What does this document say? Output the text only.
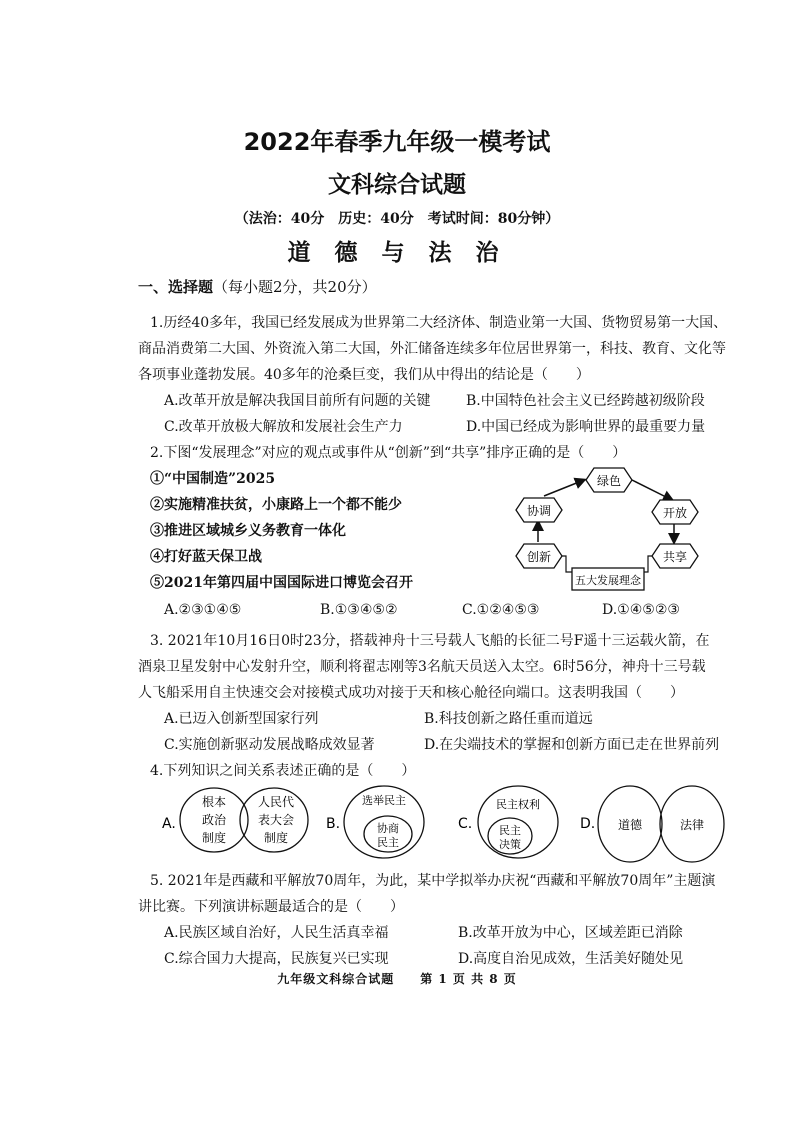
2022年春季九年级一模考试
文科综合试题
（法治：40分　历史：40分　考试时间：80分钟）
道 德 与 法 治
一、选择题（每小题2分，共20分）
1.历经40多年，我国已经发展成为世界第二大经济体、制造业第一大国、货物贸易第一大国、
商品消费第二大国、外资流入第二大国，外汇储备连续多年位居世界第一，科技、教育、文化等
各项事业蓬勃发展。40多年的沧桑巨变，我们从中得出的结论是（　　）
A.改革开放是解决我国目前所有问题的关键	B.中国特色社会主义已经跨越初级阶段
C.改革开放极大解放和发展社会生产力	D.中国已经成为影响世界的最重要力量
2.下图“发展理念”对应的观点或事件从“创新”到“共享”排序正确的是（　　）
①“中国制造”2025
②实施精准扶贫，小康路上一个都不能少
③推进区域城乡义务教育一体化
④打好蓝天保卫战
⑤2021年第四届中国国际进口博览会召开
绿色
协调	开放
创新	共享
五大发展理念
A.②③①④⑤	B.①③④⑤②	C.①②④⑤③	D.①④⑤②③
3. 2021年10月16日0时23分，搭载神舟十三号载人飞船的长征二号F遥十三运载火箭，在
酒泉卫星发射中心发射升空，顺利将翟志刚等3名航天员送入太空。6时56分，神舟十三号载
人飞船采用自主快速交会对接模式成功对接于天和核心舱径向端口。这表明我国（　　）
A.已迈入创新型国家行列	B.科技创新之路任重而道远
C.实施创新驱动发展战略成效显著	D.在尖端技术的掌握和创新方面已走在世界前列
4.下列知识之间关系表述正确的是（　　）
A.
根本
政治
制度
人民代
表大会
制度
B.
选举民主
协商
民主
C.
民主权利
民主
决策
D. 道德	法律
5. 2021年是西藏和平解放70周年，为此，某中学拟举办庆祝“西藏和平解放70周年”主题演
讲比赛。下列演讲标题最适合的是（　　）
A.民族区域自治好，人民生活真幸福	B.改革开放为中心，区域差距已消除
C.综合国力大提高，民族复兴已实现	D.高度自治见成效，生活美好随处见
九年级文科综合试题　　第 1 页 共 8 页
